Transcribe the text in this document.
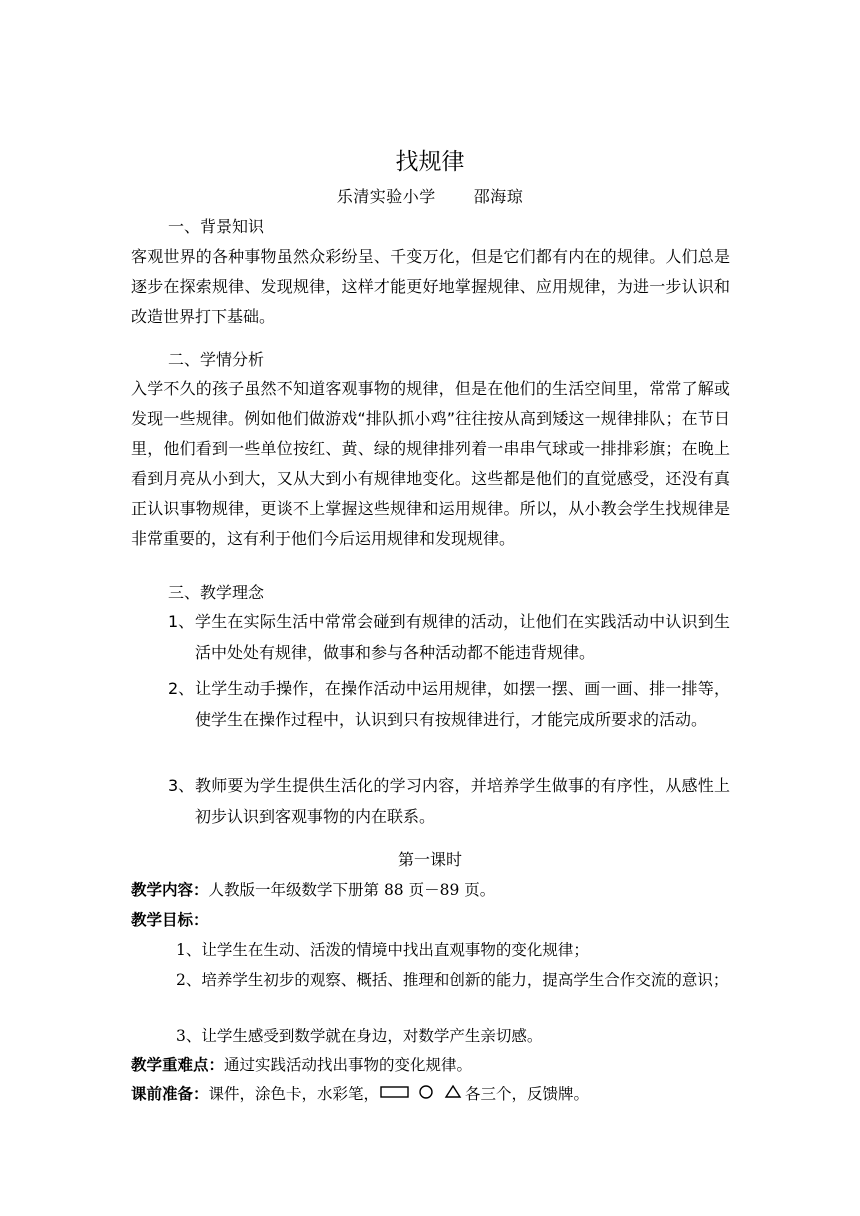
找规律
乐清实验小学 邵海琼
一、背景知识
客观世界的各种事物虽然众彩纷呈、千变万化，但是它们都有内在的规律。人们总是逐步在探索规律、发现规律，这样才能更好地掌握规律、应用规律，为进一步认识和改造世界打下基础。
二、学情分析
入学不久的孩子虽然不知道客观事物的规律，但是在他们的生活空间里，常常了解或发现一些规律。例如他们做游戏“排队抓小鸡”往往按从高到矮这一规律排队；在节日里，他们看到一些单位按红、黄、绿的规律排列着一串串气球或一排排彩旗；在晚上看到月亮从小到大，又从大到小有规律地变化。这些都是他们的直觉感受，还没有真正认识事物规律，更谈不上掌握这些规律和运用规律。所以，从小教会学生找规律是非常重要的，这有利于他们今后运用规律和发现规律。
三、教学理念
1、 学生在实际生活中常常会碰到有规律的活动，让他们在实践活动中认识到生活中处处有规律，做事和参与各种活动都不能违背规律。
2、 让学生动手操作，在操作活动中运用规律，如摆一摆、画一画、排一排等，使学生在操作过程中，认识到只有按规律进行，才能完成所要求的活动。
3、 教师要为学生提供生活化的学习内容，并培养学生做事的有序性，从感性上初步认识到客观事物的内在联系。
第一课时
教学内容：人教版一年级数学下册第 88 页－89 页。
教学目标：
1、让学生在生动、活泼的情境中找出直观事物的变化规律；
2、培养学生初步的观察、概括、推理和创新的能力，提高学生合作交流的意识；
3、让学生感受到数学就在身边，对数学产生亲切感。
教学重难点：通过实践活动找出事物的变化规律。
课前准备：课件，涂色卡，水彩笔，	各三个，反馈牌。
